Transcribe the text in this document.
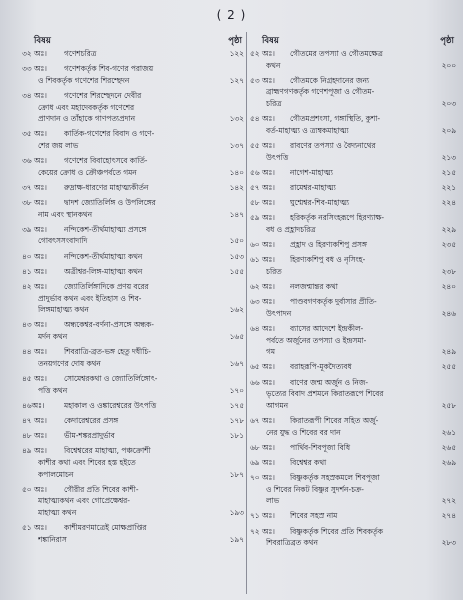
( 2 )
বিষয়	পৃষ্ঠা
৩২ অঃ।	গণেশচরিত্র	১২২
৩৩ অঃ।	গণেশকর্তৃক শিব-গণের পরাজয়
ও শিবকর্তৃক গণেশের শিরশ্ছেদন	১২৭
৩৪ অঃ।	গণেশের শিরশ্ছেদনে দেবীর
ক্রোধ এবং মহাদেবকর্তৃক গণেশের
প্রাণদান ও তাঁহাকে গাণপত্যপ্রদান	১৩২
৩৫ অঃ।	কার্তিক-গণেশের বিবাদ ও গণে-
শের জয় লাভ	১৩৭
৩৬ অঃ।	গণেশের বিবাহোৎসবে কার্তি-
কেয়ের ক্রোধ ও ক্রৌঞ্চপর্বতে গমন	১৪০
৩৭ অঃ।	রুদ্রাক্ষ-ধারণের মাহাত্ম্যকীর্তন	১৪২
৩৮ অঃ।	দ্বাদশ জ্যোতির্লিঙ্গ ও উপলিঙ্গের
নাম এবং স্থানকথন	১৪৭
৩৯ অঃ।	নন্দিকেশ-তীর্থমাহাত্ম্য প্রসঙ্গে
গোবৎসসংবাদাদি	১৫০
৪০ অঃ।	নন্দিকেশ-তীর্থমাহাত্ম্য কথন	১৫৩
৪১ অঃ।	অত্রীশ্বর-লিঙ্গ-মাহাত্ম্য কথন	১৫৫
৪২ অঃ।	জ্যোতির্লিঙ্গাদিকে প্রণয় বরের
প্রাদুর্ভাব কথন এবং ইতিহাস ও শিব-
লিঙ্গমাহাত্ম্য কথন	১৬২
৪৩ অঃ।	অন্ধকেশ্বর-বর্ণনা-প্রসঙ্গে অন্ধক-
মর্দন কথন	১৬৫
৪৪ অঃ।	শিবরাত্রি-ব্রত-ভঙ্গ হেতু দধীচি-
তনয়গণের দোষ কথন	১৬৭
৪৫ অঃ।	সোমেশ্বরকথা ও জ্যোতির্লিঙ্গোৎ-
পত্তি কথন	১৭০
৪৬অঃ।	মহাকাল ও ওঙ্কারেশ্বরের উৎপত্তি	১৭৫
৪৭ অঃ।	কেদারেশ্বরের প্রসঙ্গ	১৭৮
৪৮ অঃ।	ভীম-শঙ্করপ্রাদুর্ভাব	১৮১
৪৯ অঃ।	বিশ্বেশ্বরের মাহাত্ম্য, পঞ্চক্রোশী
কাশীর কথা এবং শিবের হস্ত হইতে
কপালমোচন	১৮৭
৫০ অঃ।	গৌরীর প্রতি শিবের কাশী-
মাহাত্ম্যকথন এবং গোপ্রেক্ষেশ্বর-
মাহাত্ম্য কথন	১৯৩
৫১ অঃ।	কাশীমরণমাত্রেই মোক্ষপ্রাপ্তির
শঙ্কানিরাস	১৯৭
বিষয়	পৃষ্ঠা
৫২ অঃ।	গৌতমের তপস্যা ও গৌতমক্ষেত্র
কথন	২০০
৫৩ অঃ।	গৌতমকে নিগ্রহদানের জন্য
ব্রাহ্মণগণকর্তৃক গণেশপূজা ও গৌতম-
চরিত্র	২০৩
৫৪ অঃ।	গৌতমপ্রশংসা, গঙ্গাস্থিতি, কুশা-
বর্ত-মাহাত্ম্য ও ত্র্যম্বকমাহাত্ম্য	২০৯
৫৫ অঃ।	রাবণের তপস্যা ও বৈদ্যনাথের
উৎপত্তি	২১৩
৫৬ অঃ।	নাগেশ-মাহাত্ম্য	২১৫
৫৭ অঃ।	রামেশ্বর-মাহাত্ম্য	২২১
৫৮ অঃ।	ঘুশ্মেশ্বর-শিব-মাহাত্ম্য	২২৪
৫৯ অঃ।	হরিকর্তৃক নরসিংহরূপে হিরণ্যাক্ষ-
বধ ও প্রহ্লাদচরিত্র	২২৯
৬০ অঃ।	প্রহ্লাদ ও হিরণ্যকশিপু প্রসঙ্গ	২৩৫
৬১ অঃ।	হিরণ্যকশিপু বধ ও নৃসিংহ-
চরিত	২৩৮
৬২ অঃ।	নলজন্মান্তর কথা	২৪০
৬৩ অঃ।	পাণ্ডবগণকর্তৃক দুর্বাসার প্রীতি-
উৎপাদন	২৪৬
৬৪ অঃ।	ব্যাসের আদেশে ইন্দ্রকীল-
পর্বতে অর্জুনের তপস্যা ও ইন্দ্রসমা-
গম	২৪৯
৬৫ অঃ।	বরাহরূপি-মূকদৈত্যবধ	২৫৫
৬৬ অঃ।	বাণের জন্ম অর্জুন ও নিজ-
ভৃত্যের বিবাদ প্রশমনে কিরাতরূপে শিবের
আগমন	২৫৮
৬৭ অঃ।	কিরাতরূপী শিবের সহিত অর্জু-
নের যুদ্ধ ও শিবের বর দান	২৬১
৬৮ অঃ।	পার্থিব-শিবপূজা বিধি	২৬৫
৬৯ অঃ।	বিশ্বেশ্বর কথা	২৬৯
৭০ অঃ।	বিষ্ণুকর্তৃক সহস্রকমলে শিবপূজা
ও শিবের নিকট বিষ্ণুর সুদর্শন-চক্র-
লাভ	২৭২
৭১ অঃ।	শিবের সহস্র নাম	২৭৪
৭২ অঃ।	বিষ্ণুকর্তৃক শিবের প্রতি শিবকর্তৃক
শিবরাত্রিব্রত কথন	২৮৩
